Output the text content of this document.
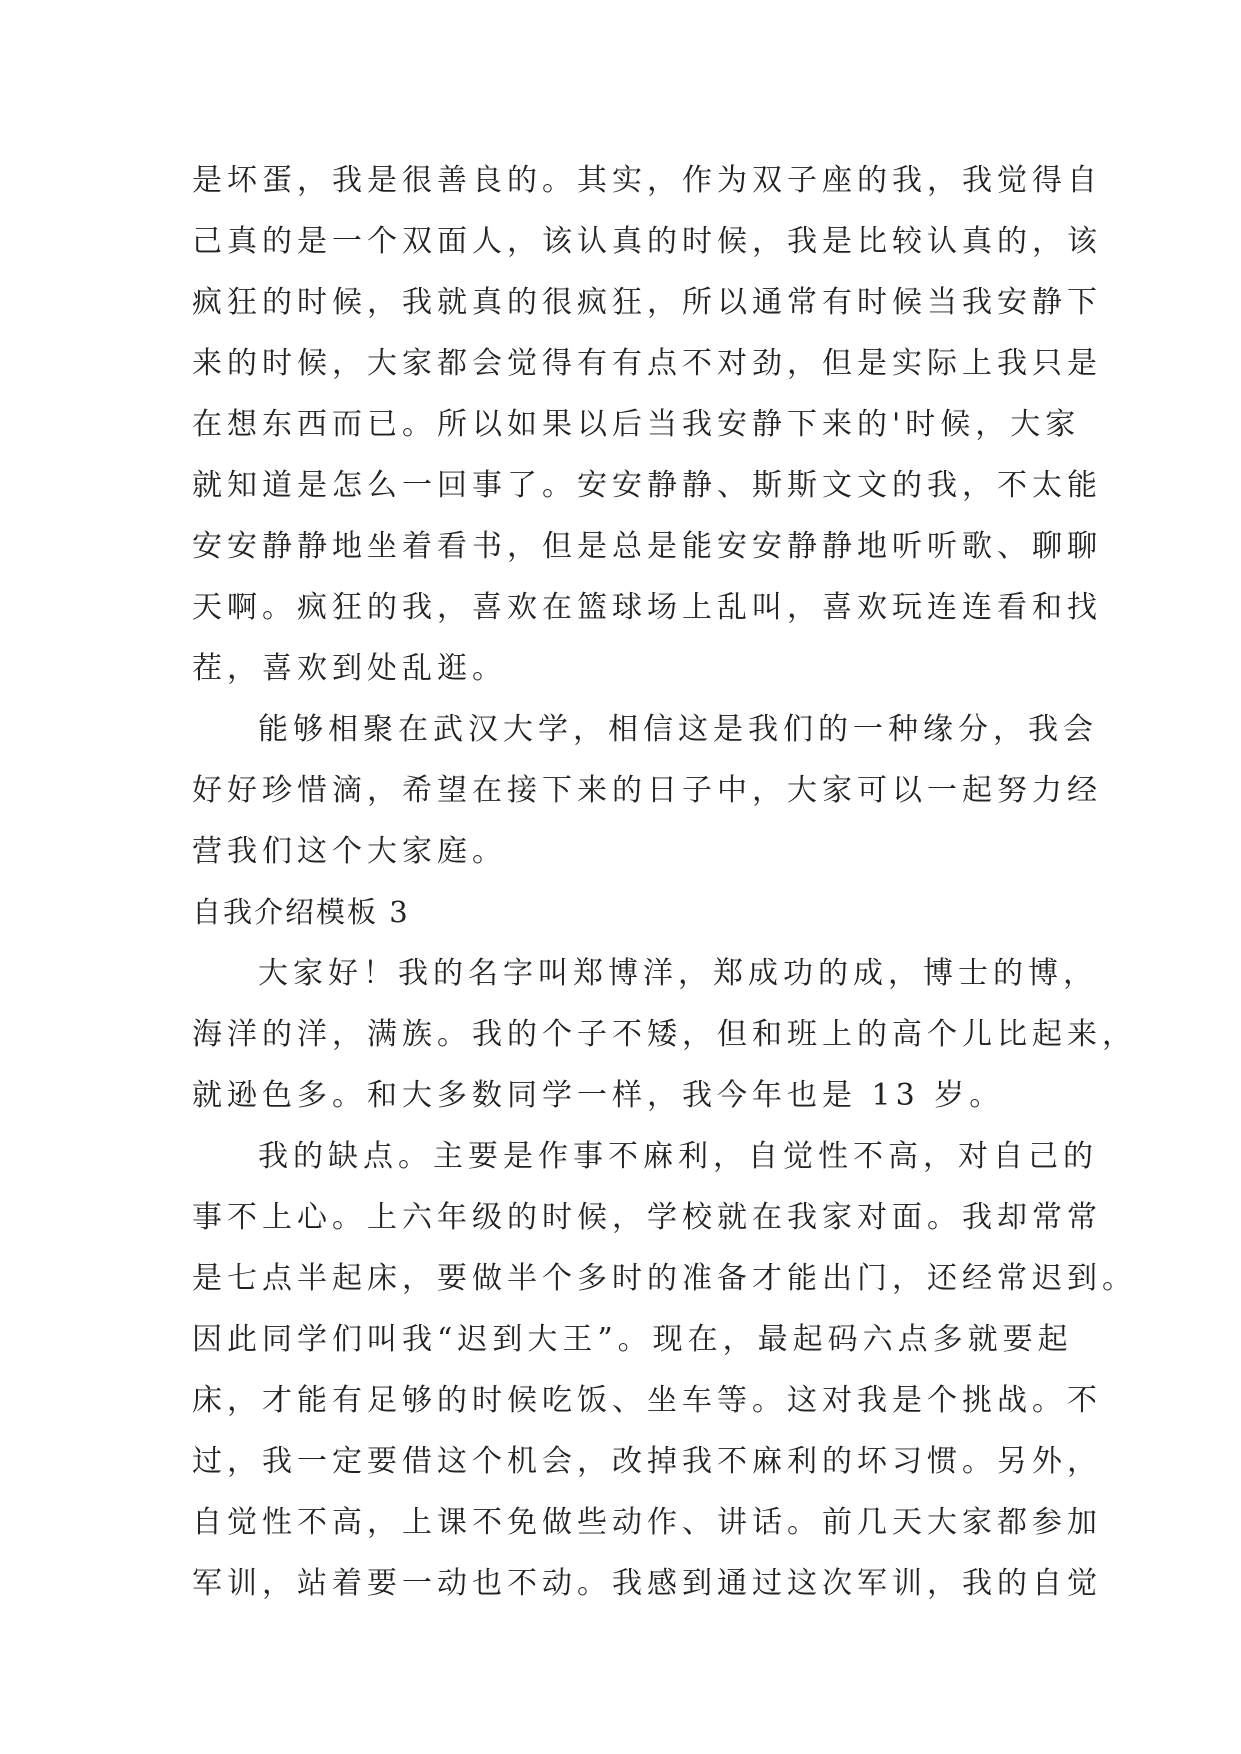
是坏蛋，我是很善良的。其实，作为双子座的我，我觉得自
己真的是一个双面人，该认真的时候，我是比较认真的，该
疯狂的时候，我就真的很疯狂，所以通常有时候当我安静下
来的时候，大家都会觉得有有点不对劲，但是实际上我只是
在想东西而已。所以如果以后当我安静下来的'时候，大家
就知道是怎么一回事了。安安静静、斯斯文文的我，不太能
安安静静地坐着看书，但是总是能安安静静地听听歌、聊聊
天啊。疯狂的我，喜欢在篮球场上乱叫，喜欢玩连连看和找
茬，喜欢到处乱逛。

能够相聚在武汉大学，相信这是我们的一种缘分，我会
好好珍惜滴，希望在接下来的日子中，大家可以一起努力经
营我们这个大家庭。

自我介绍模板 3

大家好！我的名字叫郑博洋，郑成功的成，博士的博，
海洋的洋，满族。我的个子不矮，但和班上的高个儿比起来，
就逊色多。和大多数同学一样，我今年也是 13 岁。

我的缺点。主要是作事不麻利，自觉性不高，对自己的
事不上心。上六年级的时候，学校就在我家对面。我却常常
是七点半起床，要做半个多时的准备才能出门，还经常迟到。
因此同学们叫我“迟到大王”。现在，最起码六点多就要起
床，才能有足够的时候吃饭、坐车等。这对我是个挑战。不
过，我一定要借这个机会，改掉我不麻利的坏习惯。另外，
自觉性不高，上课不免做些动作、讲话。前几天大家都参加
军训，站着要一动也不动。我感到通过这次军训，我的自觉
